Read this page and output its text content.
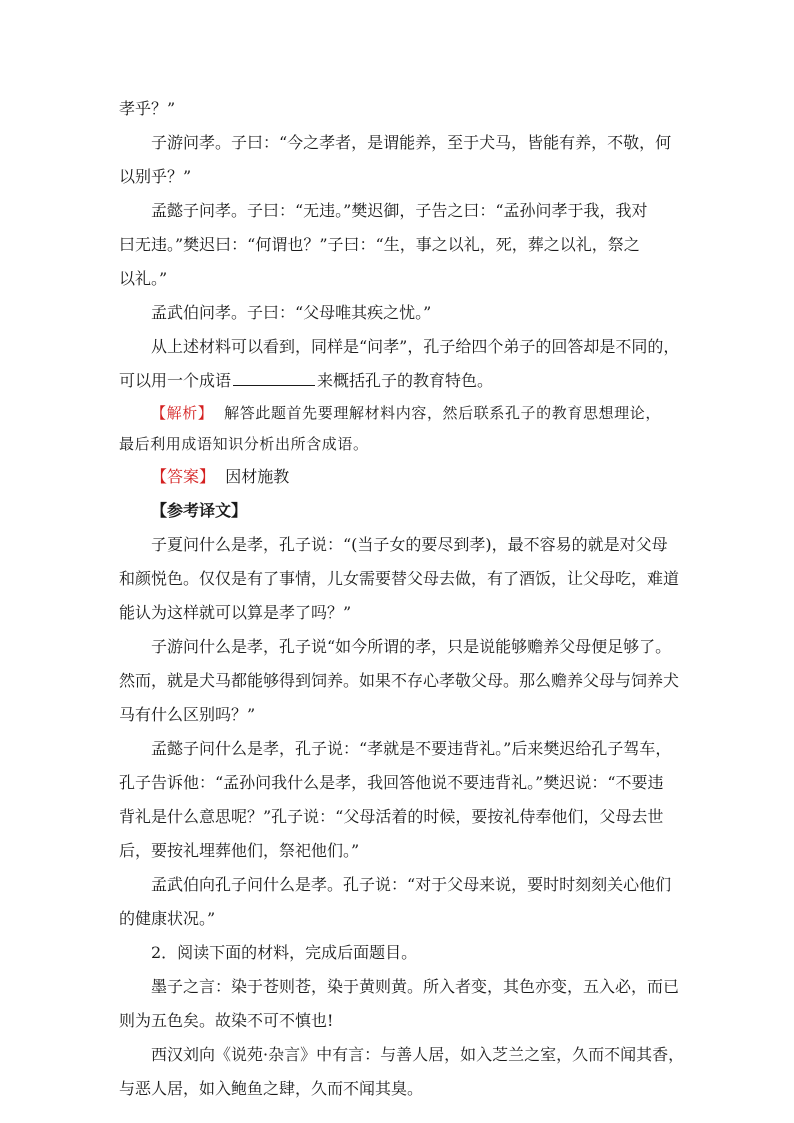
孝乎？”
子游问孝。子曰：“今之孝者，是谓能养，至于犬马，皆能有养，不敬，何
以别乎？”
孟懿子问孝。子曰：“无违。”樊迟御，子告之曰：“孟孙问孝于我，我对
曰无违。”樊迟曰：“何谓也？”子曰：“生，事之以礼，死，葬之以礼，祭之
以礼。”
孟武伯问孝。子曰：“父母唯其疾之忧。”
从上述材料可以看到，同样是“问孝”，孔子给四个弟子的回答却是不同的，
可以用一个成语	来概括孔子的教育特色。
【解析】 解答此题首先要理解材料内容，然后联系孔子的教育思想理论，
最后利用成语知识分析出所含成语。
【答案】 因材施教
【参考译文】
子夏问什么是孝，孔子说：“(当子女的要尽到孝)，最不容易的就是对父母
和颜悦色。仅仅是有了事情，儿女需要替父母去做，有了酒饭，让父母吃，难道
能认为这样就可以算是孝了吗？”
子游问什么是孝，孔子说“如今所谓的孝，只是说能够赡养父母便足够了。
然而，就是犬马都能够得到饲养。如果不存心孝敬父母。那么赡养父母与饲养犬
马有什么区别吗？”
孟懿子问什么是孝，孔子说：“孝就是不要违背礼。”后来樊迟给孔子驾车，
孔子告诉他：“孟孙问我什么是孝，我回答他说不要违背礼。”樊迟说：“不要违
背礼是什么意思呢？”孔子说：“父母活着的时候，要按礼侍奉他们，父母去世
后，要按礼埋葬他们，祭祀他们。”
孟武伯向孔子问什么是孝。孔子说：“对于父母来说，要时时刻刻关心他们
的健康状况。”
2．阅读下面的材料，完成后面题目。
墨子之言：染于苍则苍，染于黄则黄。所入者变，其色亦变，五入必，而已
则为五色矣。故染不可不慎也!
西汉刘向《说苑·杂言》中有言：与善人居，如入芝兰之室，久而不闻其香，
与恶人居，如入鲍鱼之肆，久而不闻其臭。
